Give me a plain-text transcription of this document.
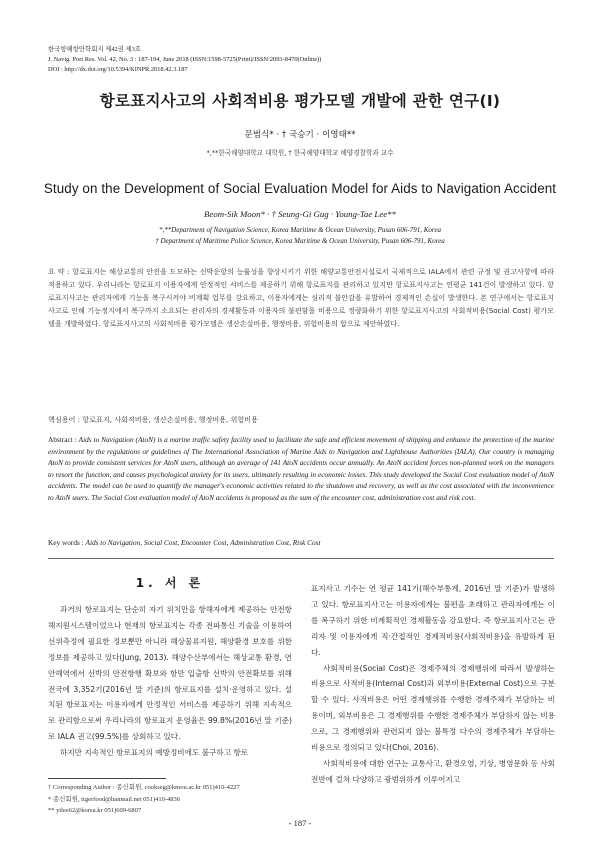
한국항해항만학회지 제42권 제3호
J. Navig. Port Res. Vol. 42, No. 3 : 187-194, June 2018 (ISSN:1598-5725(Print)/ISSN:2093-8470(Online))
DOI : http://dx.doi.org/10.5394/KINPR.2018.42.3.187
항로표지사고의 사회적비용 평가모델 개발에 관한 연구(I)
문범식* · † 국승기 · 이영태**
*,**한국해양대학교 대학원, † 한국해양대학교 해양경찰학과 교수
Study on the Development of Social Evaluation Model for Aids to Navigation Accident
Beom-Sik Moon* · † Seung-Gi Gug · Young-Tae Lee**
*,**Department of Navigation Science, Korea Maritime & Ocean University, Pusan 606-791, Korea
† Department of Maritime Police Science, Korea Maritime & Ocean University, Pusan 606-791, Korea
요 약 : 항로표지는 해상교통의 안전을 도모하는 선박운항의 능률성을 향상시키기 위한 해양교통안전시설로서 국제적으로 IALA에서 관련 규정 및 권고사항에 따라 적용하고 있다. 우리나라는 항로표지 이용자에게 안정적인 서비스를 제공하기 위해 항로표지를 관리하고 있지만 항로표지사고는 연평균 141건이 발생하고 있다. 항로표지사고는 관리자에게 기능을 복구시켜야 비계획 업무를 강요하고, 이용자에게는 심리적 불안감을 유발하여 경제적인 손실이 발생한다. 본 연구에서는 항로표지사고로 인해 기능정지에서 복구까지 소요되는 관리자의 경제활동과 이용자의 불편함을 비용으로 정량화하기 위한 항로표지사고의 사회적비용(Social Cost) 평가모델을 개발하였다. 항로표지사고의 사회적비용 평가모델은 생산손실비용, 행정비용, 위험비용의 합으로 제안하였다.
핵심용어 : 항로표지, 사회적비용, 생산손실비용, 행정비용, 위험비용
Abstract : Aids to Navigation (AtoN) is a marine traffic safety facility used to facilitate the safe and efficient movement of shipping and enhance the protection of the marine environment by the regulations or guidelines of The International Association of Marine Aids to Navigation and Lighthouse Authorities (IALA). Our country is managing AtoN to provide consistent services for AtoN users, although an average of 141 AtoN accidents occur annually. An AtoN accident forces non-planned work on the managers to resort the function, and causes psychological anxiety for its users, ultimately resulting in economic losses. This study developed the Social Cost evaluation model of AtoN accidents. The model can be used to quantify the manager's economic activities related to the shutdown and recovery, as well as the cost associated with the inconvenience to AtoN users. The Social Cost evaluation model of AtoN accidents is proposed as the sum of the encounter cost, administration cost and risk cost.
Key words : Aids to Navigation, Social Cost, Encounter Cost, Administration Cost, Risk Cost
1. 서 론

과거의 항로표지는 단순히 자기 위치만을 항해자에게 제공하는 안전항해지원시스템이었으나 현재의 항로표지는 각종 전파통신 기술을 이용하여 선위측정에 필요한 정보뿐만 아니라 해상물류지원, 해양환경 보호를 위한 정보를 제공하고 있다(Jung, 2013). 해양수산부에서는 해상교통 환경, 연안해역에서 선박의 안전항행 확보와 항만 입출항 선박의 안전확보를 위해 전국에 3,352기(2016년 말 기준)의 항로표지를 설치·운영하고 있다. 설치된 항로표지는 이용자에게 안정적인 서비스를 제공하기 위해 지속적으로 관리함으로써 우리나라의 항로표지 운영율은 99.8%(2016년 말 기준)로 IALA 권고(99.5%)를 상회하고 있다.

하지만 지속적인 항로표지의 예방정비에도 불구하고 항로

표지사고 기수는 연 평균 141기(해수부통계, 2016년 말 기준)가 발생하고 있다. 항로표지사고는 이용자에게는 불편을 초래하고 관리자에게는 이를 복구하기 위한 비계획적인 경제활동을 강요한다. 즉 항로표지사고는 관리자 및 이용자에게 직·간접적인 경제적비용(사회적비용)을 유발하게 된다.

사회적비용(Social Cost)은 경제주체의 경제행위에 따라서 발생하는 비용으로 사적비용(Internal Cost)과 외부비용(External Cost)으로 구분할 수 있다. 사적비용은 어떤 경제행위를 수행한 경제주체가 부담하는 비용이며, 외부비용은 그 경제행위를 수행한 경제주체가 부담하지 않는 비용으로, 그 경제행위와 관련되지 않는 불특정 다수의 경제주체가 부담하는 비용으로 정의되고 있다(Choi, 2016).

사회적비용에 대한 연구는 교통사고, 환경오염, 기상, 병영문화 등 사회전반에 걸쳐 다양하고 광범위하게 이루어지고

† Corresponding Author : 종신회원, cookseg@kmou.ac.kr 051)410-4227
* 종신회원, tigerfood@hanmail.net 051)410-4836
** ytlee62@korea.kr 051)609-6807
- 187 -
